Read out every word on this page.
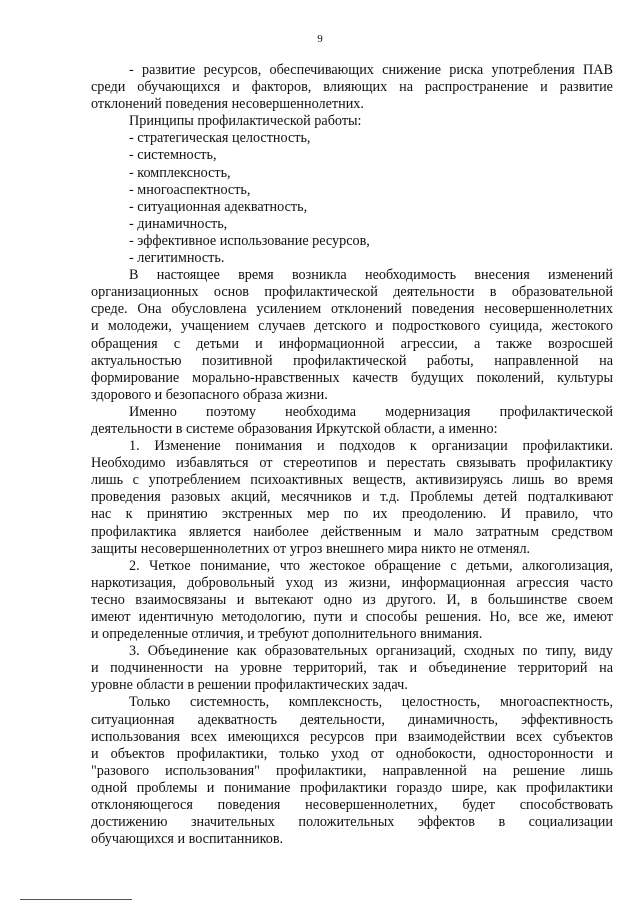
9
- развитие ресурсов, обеспечивающих снижение риска употребления ПАВ
среди обучающихся и факторов, влияющих на распространение и развитие
отклонений поведения несовершеннолетних.
Принципы профилактической работы:
- стратегическая целостность,
- системность,
- комплексность,
- многоаспектность,
- ситуационная адекватность,
- динамичность,
- эффективное использование ресурсов,
- легитимность.
В настоящее время возникла необходимость внесения изменений
организационных основ профилактической деятельности в образовательной
среде. Она обусловлена усилением отклонений поведения несовершеннолетних
и молодежи, учащением случаев детского и подросткового суицида, жестокого
обращения с детьми и информационной агрессии, а также возросшей
актуальностью позитивной профилактической работы, направленной на
формирование морально-нравственных качеств будущих поколений, культуры
здорового и безопасного образа жизни.
Именно поэтому необходима модернизация профилактической
деятельности в системе образования Иркутской области, а именно:
1. Изменение понимания и подходов к организации профилактики.
Необходимо избавляться от стереотипов и перестать связывать профилактику
лишь с употреблением психоактивных веществ, активизируясь лишь во время
проведения разовых акций, месячников и т.д. Проблемы детей подталкивают
нас к принятию экстренных мер по их преодолению. И правило, что
профилактика является наиболее действенным и мало затратным средством
защиты несовершеннолетних от угроз внешнего мира никто не отменял.
2. Четкое понимание, что жестокое обращение с детьми, алкоголизация,
наркотизация, добровольный уход из жизни, информационная агрессия часто
тесно взаимосвязаны и вытекают одно из другого. И, в большинстве своем
имеют идентичную методологию, пути и способы решения. Но, все же, имеют
и определенные отличия, и требуют дополнительного внимания.
3. Объединение как образовательных организаций, сходных по типу, виду
и подчиненности на уровне территорий, так и объединение территорий на
уровне области в решении профилактических задач.
Только системность, комплексность, целостность, многоаспектность,
ситуационная адекватность деятельности, динамичность, эффективность
использования всех имеющихся ресурсов при взаимодействии всех субъектов
и объектов профилактики, только уход от однобокости, односторонности и
"разового использования" профилактики, направленной на решение лишь
одной проблемы и понимание профилактики гораздо шире, как профилактики
отклоняющегося поведения несовершеннолетних, будет способствовать
достижению значительных положительных эффектов в социализации
обучающихся и воспитанников.
